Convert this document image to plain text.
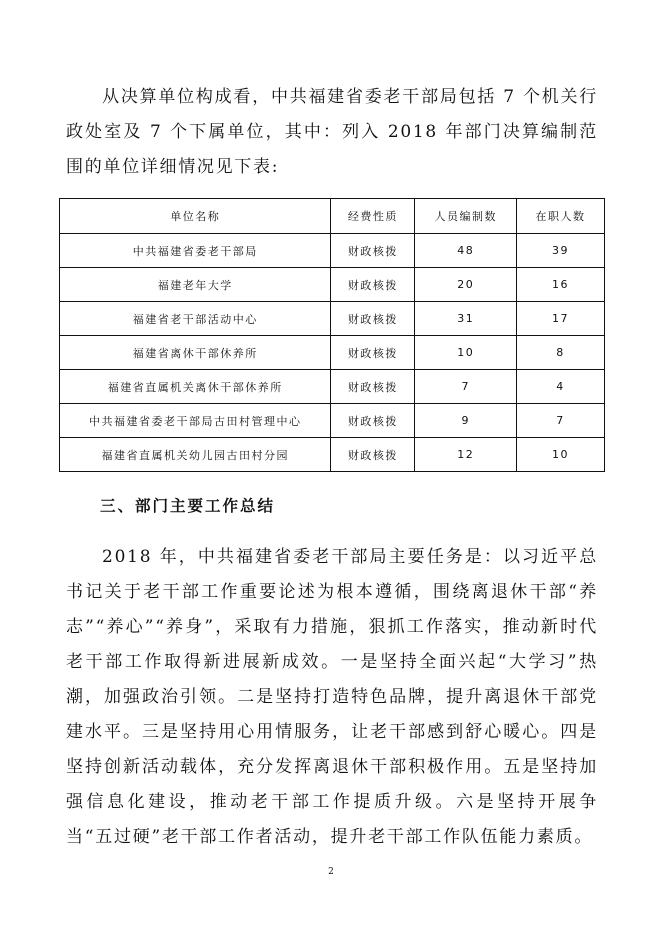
从决算单位构成看，中共福建省委老干部局包括 7 个机关行政处室及 7 个下属单位，其中：列入 2018 年部门决算编制范围的单位详细情况见下表:

单位名称	经费性质	人员编制数	在职人数
中共福建省委老干部局	财政核拨	48	39
福建老年大学	财政核拨	20	16
福建省老干部活动中心	财政核拨	31	17
福建省离休干部休养所	财政核拨	10	8
福建省直属机关离休干部休养所	财政核拨	7	4
中共福建省委老干部局古田村管理中心	财政核拨	9	7
福建省直属机关幼儿园古田村分园	财政核拨	12	10
三、部门主要工作总结

2018 年，中共福建省委老干部局主要任务是：以习近平总书记关于老干部工作重要论述为根本遵循，围绕离退休干部“养志”“养心”“养身”，采取有力措施，狠抓工作落实，推动新时代老干部工作取得新进展新成效。一是坚持全面兴起“大学习”热潮，加强政治引领。二是坚持打造特色品牌，提升离退休干部党建水平。三是坚持用心用情服务，让老干部感到舒心暖心。四是坚持创新活动载体，充分发挥离退休干部积极作用。五是坚持加强信息化建设，推动老干部工作提质升级。六是坚持开展争当“五过硬”老干部工作者活动，提升老干部工作队伍能力素质。

2
